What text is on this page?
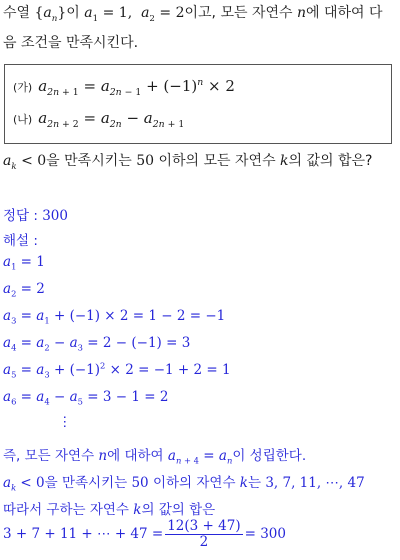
수열 $\{a_n\}$이 $a_1 = 1$,  $a_2 = 2$이고, 모든 자연수 n에 대하여 다
음 조건을 만족시킨다.
(가) $a_{2n + 1} = a_{2n - 1} + (-1)^n \times 2$
(나) $a_{2n + 2} = a_{2n} - a_{2n + 1}$
$a_k < 0$을 만족시키는 50 이하의 모든 자연수 k의 값의 합은?
정답 : 300
해설 :
$a_1 = 1$
$a_2 = 2$
$a_3 = a_1 + (-1) \times 2 = 1 - 2 = -1$
$a_4 = a_2 - a_3 = 2 - (-1) = 3$
$a_5 = a_3 + (-1)^2 \times 2 = -1 + 2 = 1$
$a_6 = a_4 - a_5 = 3 - 1 = 2$
⋮
즉, 모든 자연수 n에 대하여 $a_{n + 4} = a_n$이 성립한다.
$a_k < 0$을 만족시키는 50 이하의 자연수 k는 3, 7, 11, ⋯, 47
따라서 구하는 자연수 k의 값의 합은
3 + 7 + 11 + ⋯ + $47 = \frac{12(3 + 47)}{2} = 300$
